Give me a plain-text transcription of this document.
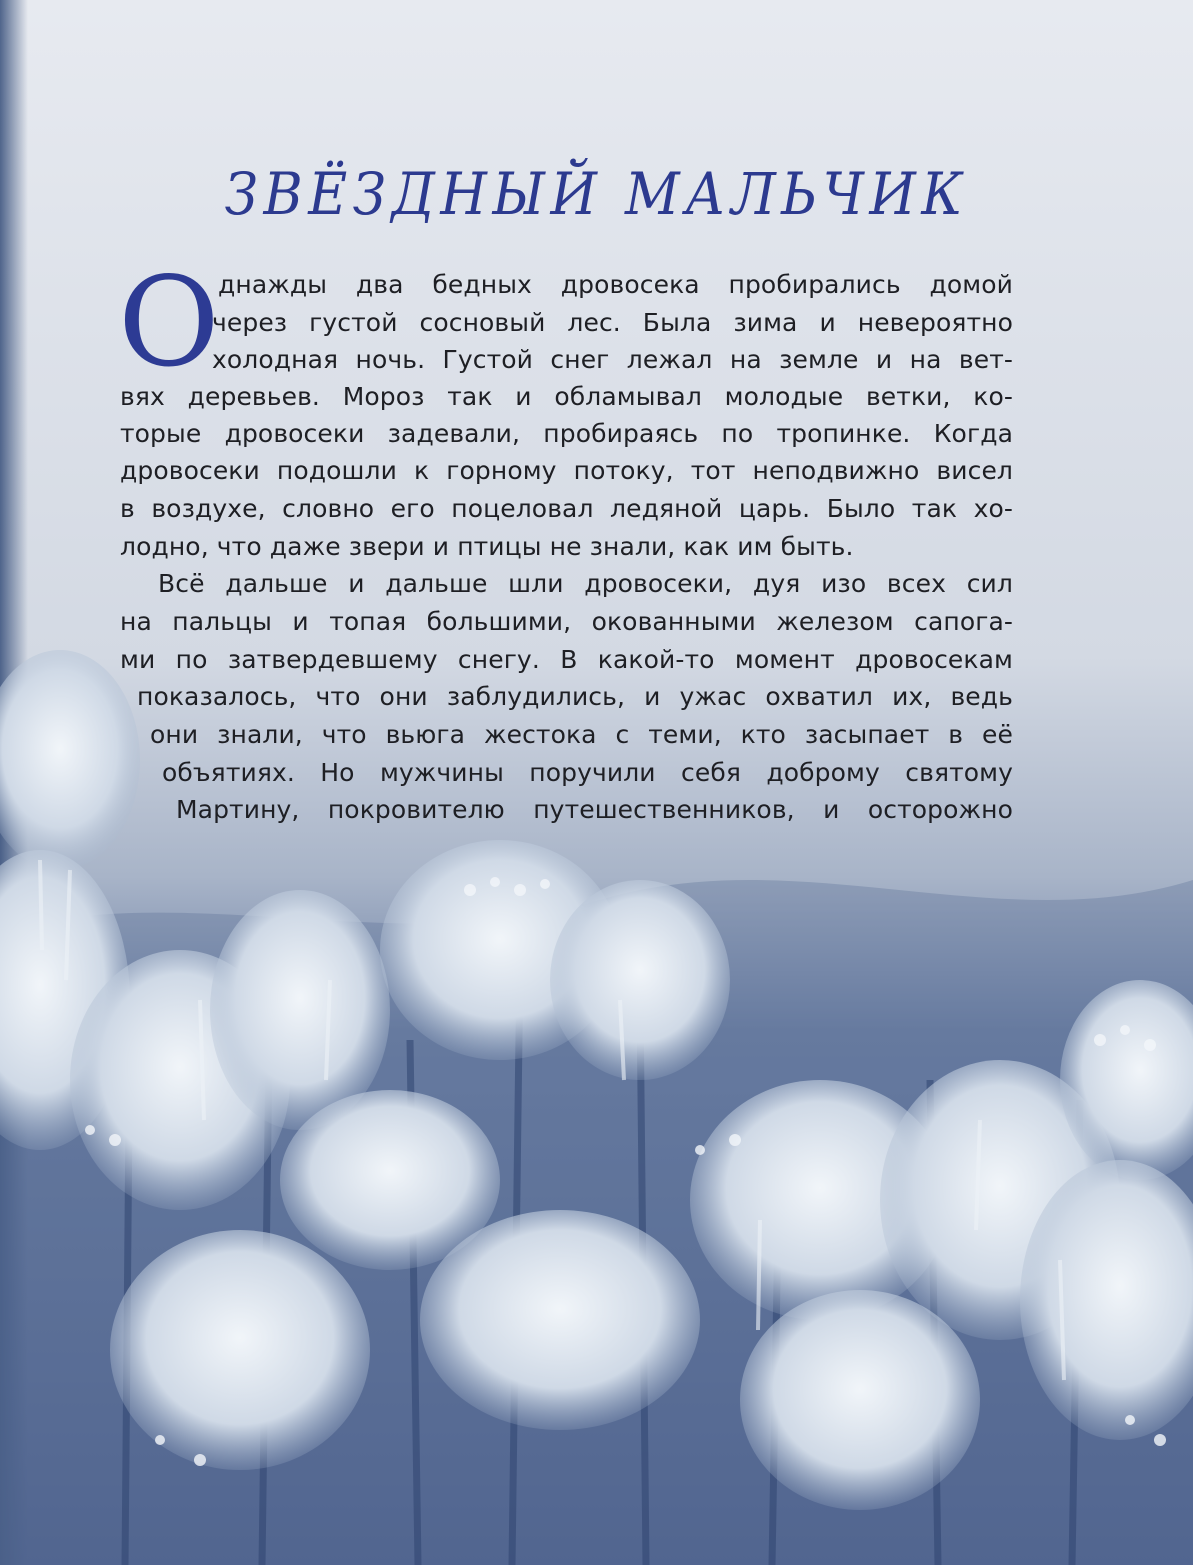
ЗВЁЗДНЫЙ МАЛЬЧИК
О
днажды два бедных дровосека пробирались домой
через густой сосновый лес. Была зима и невероятно
холодная ночь. Густой снег лежал на земле и на вет-
вях деревьев. Мороз так и обламывал молодые ветки, ко-
торые дровосеки задевали, пробираясь по тропинке. Когда
дровосеки подошли к горному потоку, тот неподвижно висел
в воздухе, словно его поцеловал ледяной царь. Было так хо-
лодно, что даже звери и птицы не знали, как им быть.
Всё дальше и дальше шли дровосеки, дуя изо всех сил
на пальцы и топая большими, окованными железом сапога-
ми по затвердевшему снегу. В какой-то момент дровосекам
показалось, что они заблудились, и ужас охватил их, ведь
они знали, что вьюга жестока с теми, кто засыпает в её
объятиях. Но мужчины поручили себя доброму святому
Мартину, покровителю путешественников, и осторожно
